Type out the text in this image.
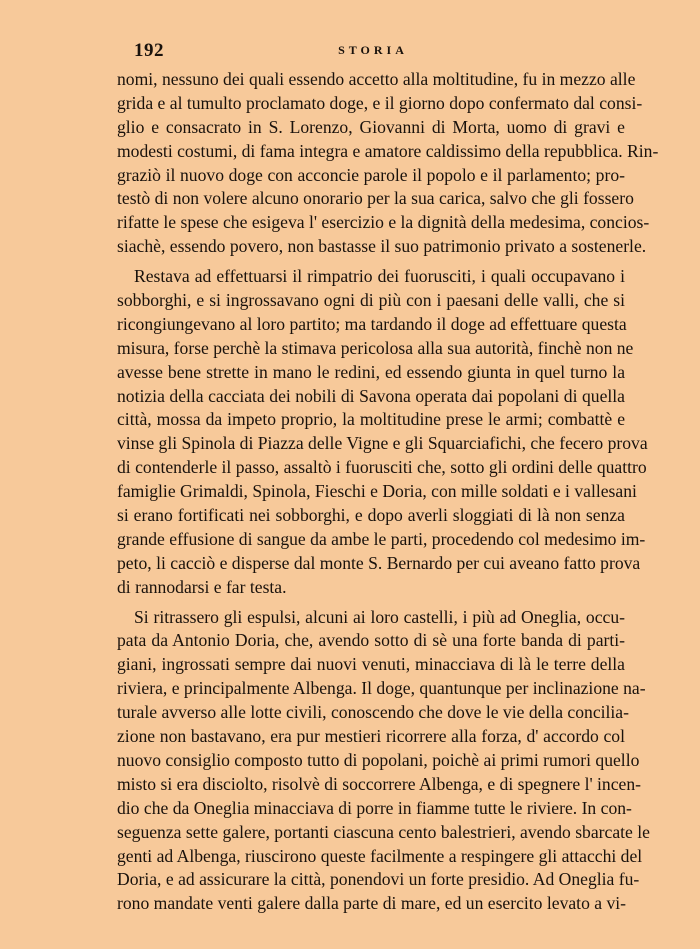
192	STORIA
nomi, nessuno dei quali essendo accetto alla moltitudine, fu in mezzo alle
grida e al tumulto proclamato doge, e il giorno dopo confermato dal consi-
glio e consacrato in S. Lorenzo, Giovanni di Morta, uomo di gravi e
modesti costumi, di fama integra e amatore caldissimo della repubblica. Rin-
graziò il nuovo doge con acconcie parole il popolo e il parlamento; pro-
testò di non volere alcuno onorario per la sua carica, salvo che gli fossero
rifatte le spese che esigeva l' esercizio e la dignità della medesima, concios-
siachè, essendo povero, non bastasse il suo patrimonio privato a sostenerle.
Restava ad effettuarsi il rimpatrio dei fuorusciti, i quali occupavano i
sobborghi, e si ingrossavano ogni di più con i paesani delle valli, che si
ricongiungevano al loro partito; ma tardando il doge ad effettuare questa
misura, forse perchè la stimava pericolosa alla sua autorità, finchè non ne
avesse bene strette in mano le redini, ed essendo giunta in quel turno la
notizia della cacciata dei nobili di Savona operata dai popolani di quella
città, mossa da impeto proprio, la moltitudine prese le armi; combattè e
vinse gli Spinola di Piazza delle Vigne e gli Squarciafichi, che fecero prova
di contenderle il passo, assaltò i fuorusciti che, sotto gli ordini delle quattro
famiglie Grimaldi, Spinola, Fieschi e Doria, con mille soldati e i vallesani
si erano fortificati nei sobborghi, e dopo averli sloggiati di là non senza
grande effusione di sangue da ambe le parti, procedendo col medesimo im-
peto, li cacciò e disperse dal monte S. Bernardo per cui aveano fatto prova
di rannodarsi e far testa.
Si ritrassero gli espulsi, alcuni ai loro castelli, i più ad Oneglia, occu-
pata da Antonio Doria, che, avendo sotto di sè una forte banda di parti-
giani, ingrossati sempre dai nuovi venuti, minacciava di là le terre della
riviera, e principalmente Albenga. Il doge, quantunque per inclinazione na-
turale avverso alle lotte civili, conoscendo che dove le vie della concilia-
zione non bastavano, era pur mestieri ricorrere alla forza, d' accordo col
nuovo consiglio composto tutto di popolani, poichè ai primi rumori quello
misto si era disciolto, risolvè di soccorrere Albenga, e di spegnere l' incen-
dio che da Oneglia minacciava di porre in fiamme tutte le riviere. In con-
seguenza sette galere, portanti ciascuna cento balestrieri, avendo sbarcate le
genti ad Albenga, riuscirono queste facilmente a respingere gli attacchi del
Doria, e ad assicurare la città, ponendovi un forte presidio. Ad Oneglia fu-
rono mandate venti galere dalla parte di mare, ed un esercito levato a vi-
